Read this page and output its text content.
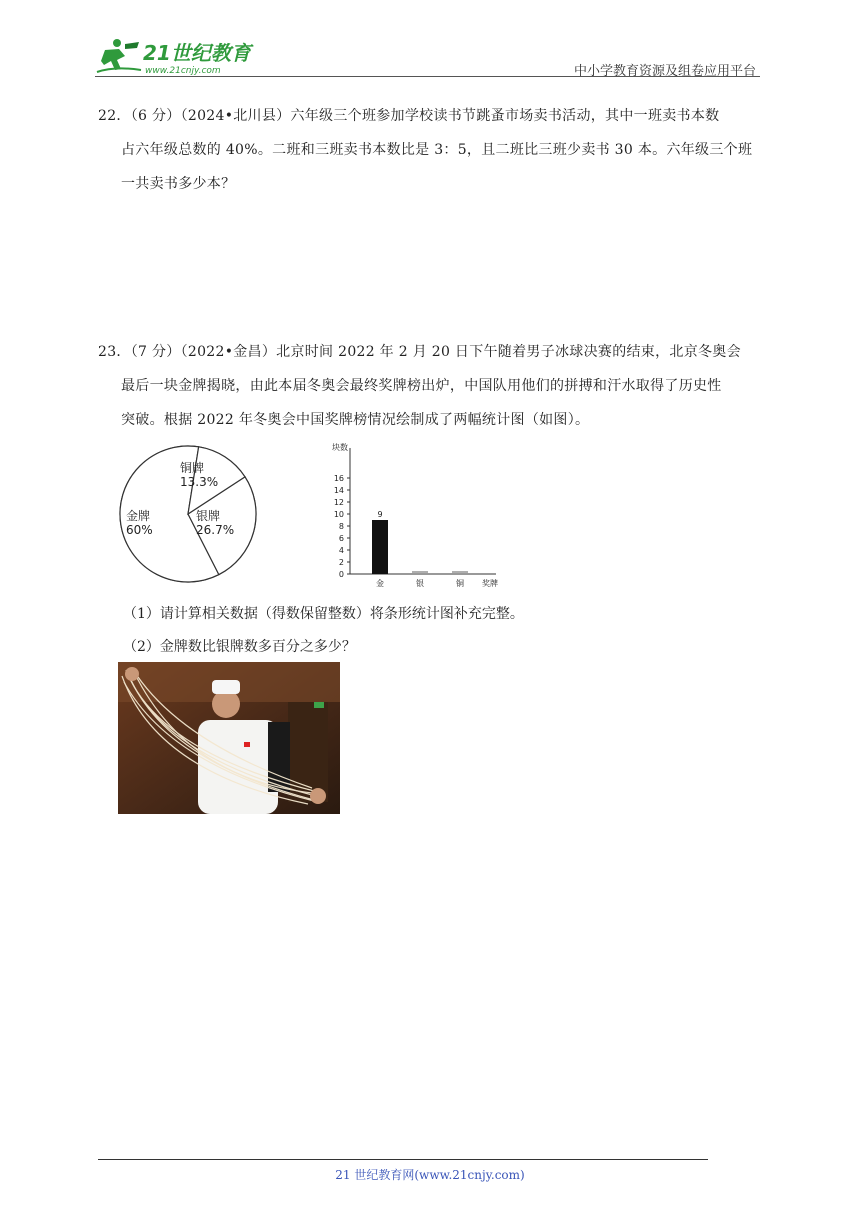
21世纪教育
www.21cnjy.com	中小学教育资源及组卷应用平台
22．（6 分）（2024•北川县）六年级三个班参加学校读书节跳蚤市场卖书活动，其中一班卖书本数
占六年级总数的 40%。二班和三班卖书本数比是 3：5，且二班比三班少卖书 30 本。六年级三个班
一共卖书多少本？
23．（7 分）（2022•金昌）北京时间 2022 年 2 月 20 日下午随着男子冰球决赛的结束，北京冬奥会
最后一块金牌揭晓，由此本届冬奥会最终奖牌榜出炉，中国队用他们的拼搏和汗水取得了历史性
突破。根据 2022 年冬奥会中国奖牌榜情况绘制成了两幅统计图（如图）。
金牌
60%
银牌
26.7%
铜牌
13.3%
块数
0
2
4
6
8
10
12
14
16
9
金	银	铜 奖牌
（1）请计算相关数据（得数保留整数）将条形统计图补充完整。
（2）金牌数比银牌数多百分之多少？
21 世纪教育网(www.21cnjy.com)
